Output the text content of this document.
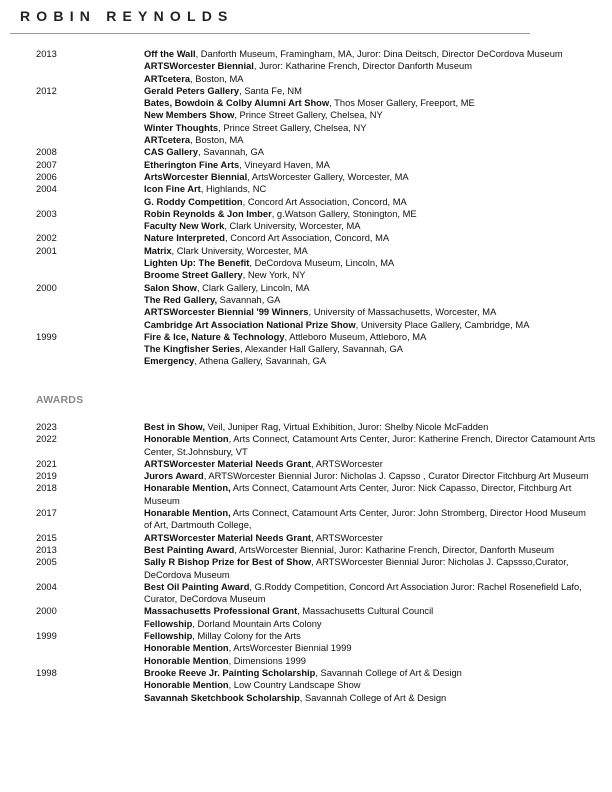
ROBIN REYNOLDS
2013	Off the Wall, Danforth Museum, Framingham, MA, Juror: Dina Deitsch, Director DeCordova Museum
ARTSWorcester Biennial, Juror: Katharine French, Director Danforth Museum
ARTcetera, Boston, MA
2012	Gerald Peters Gallery, Santa Fe, NM
Bates, Bowdoin & Colby Alumni Art Show, Thos Moser Gallery, Freeport, ME
New Members Show, Prince Street Gallery, Chelsea, NY
Winter Thoughts, Prince Street Gallery, Chelsea, NY
ARTcetera, Boston, MA
2008	CAS Gallery, Savannah, GA
2007	Etherington Fine Arts, Vineyard Haven, MA
2006	ArtsWorcester Biennial, ArtsWorcester Gallery, Worcester, MA
2004	Icon Fine Art, Highlands, NC
G. Roddy Competition, Concord Art Association, Concord, MA
2003	Robin Reynolds & Jon Imber, g.Watson Gallery, Stonington, ME
Faculty New Work, Clark University, Worcester, MA
2002	Nature Interpreted, Concord Art Association, Concord, MA
2001	Matrix, Clark University, Worcester, MA
Lighten Up: The Benefit, DeCordova Museum, Lincoln, MA
Broome Street Gallery, New York, NY
2000	Salon Show, Clark Gallery, Lincoln, MA
The Red Gallery, Savannah, GA
ARTSWorcester Biennial '99 Winners, University of Massachusetts, Worcester, MA
Cambridge Art Association National Prize Show, University Place Gallery, Cambridge, MA
1999	Fire & Ice, Nature & Technology, Attleboro Museum, Attleboro, MA
The Kingfisher Series, Alexander Hall Gallery, Savannah, GA
Emergency, Athena Gallery, Savannah, GA
AWARDS
2023	Best in Show, Veil, Juniper Rag, Virtual Exhibition, Juror: Shelby Nicole McFadden
2022	Honorable Mention, Arts Connect, Catamount Arts Center, Juror: Katherine French, Director Catamount Arts Center, St.Johnsbury, VT
2021	ARTSWorcester Material Needs Grant, ARTSWorcester
2019	Jurors Award, ARTSWorcester Biennial Juror: Nicholas J. Capsso , Curator Director Fitchburg Art Museum
2018	Honarable Mention, Arts Connect, Catamount Arts Center, Juror: Nick Capasso, Director, Fitchburg Art Museum
2017	Honarable Mention, Arts Connect, Catamount Arts Center, Juror: John Stromberg, Director Hood Museum of Art, Dartmouth College,
2015	ARTSWorcester Material Needs Grant, ARTSWorcester
2013	Best Painting Award, ArtsWorcester Biennial, Juror: Katharine French, Director, Danforth Museum
2005	Sally R Bishop Prize for Best of Show, ARTSWorcester Biennial Juror: Nicholas J. Capssso,Curator, DeCordova Museum
2004	Best Oil Painting Award, G.Roddy Competition, Concord Art Association Juror: Rachel Rosenefield Lafo, Curator, DeCordova Museum
2000	Massachusetts Professional Grant, Massachusetts Cultural Council
Fellowship, Dorland Mountain Arts Colony
1999	Fellowship, Millay Colony for the Arts
Honorable Mention, ArtsWorcester Biennial 1999
Honorable Mention, Dimensions 1999
1998	Brooke Reeve Jr. Painting Scholarship, Savannah College of Art & Design
Honorable Mention, Low Country Landscape Show
Savannah Sketchbook Scholarship, Savannah College of Art & Design
